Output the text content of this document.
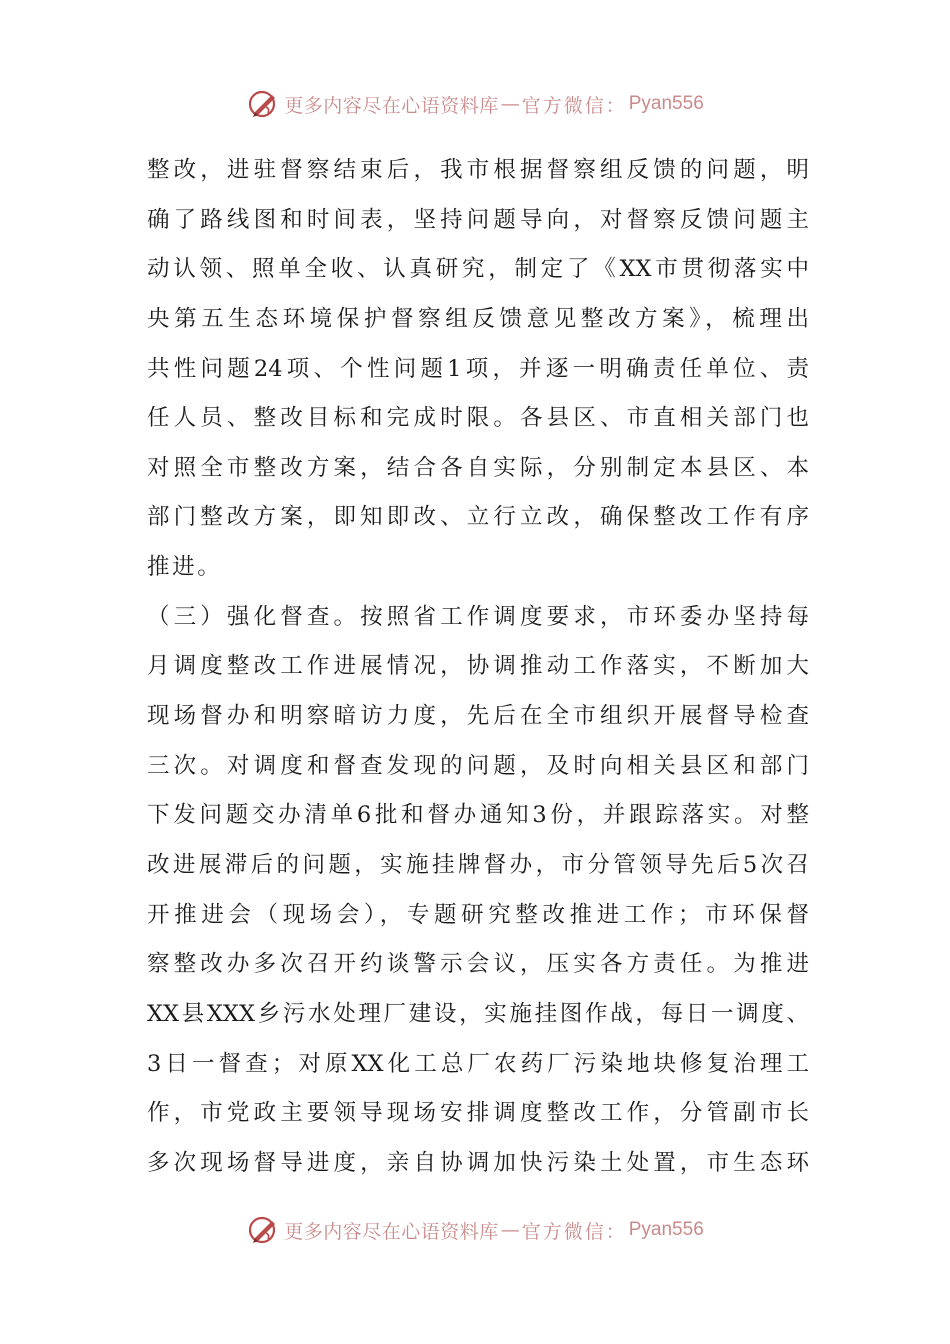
更多内容尽在心语资料库 — 官方微信： Pyan556
整改，进驻督察结束后，我市根据督察组反馈的问题，明
确了路线图和时间表，坚持问题导向，对督察反馈问题主
动认领、照单全收、认真研究，制定了《XX市贯彻落实中
央第五生态环境保护督察组反馈意见整改方案》，梳理出
共性问题24项、个性问题1项，并逐一明确责任单位、责
任人员、整改目标和完成时限。各县区、市直相关部门也
对照全市整改方案，结合各自实际，分别制定本县区、本
部门整改方案，即知即改、立行立改，确保整改工作有序
推进。
（三）强化督查。按照省工作调度要求，市环委办坚持每
月调度整改工作进展情况，协调推动工作落实，不断加大
现场督办和明察暗访力度，先后在全市组织开展督导检查
三次。对调度和督查发现的问题，及时向相关县区和部门
下发问题交办清单6批和督办通知3份，并跟踪落实。对整
改进展滞后的问题，实施挂牌督办，市分管领导先后5次召
开推进会（现场会），专题研究整改推进工作；市环保督
察整改办多次召开约谈警示会议，压实各方责任。为推进
XX县XXX乡污水处理厂建设，实施挂图作战，每日一调度、
3日一督查；对原XX化工总厂农药厂污染地块修复治理工
作，市党政主要领导现场安排调度整改工作，分管副市长
多次现场督导进度，亲自协调加快污染土处置，市生态环
更多内容尽在心语资料库 — 官方微信： Pyan556
